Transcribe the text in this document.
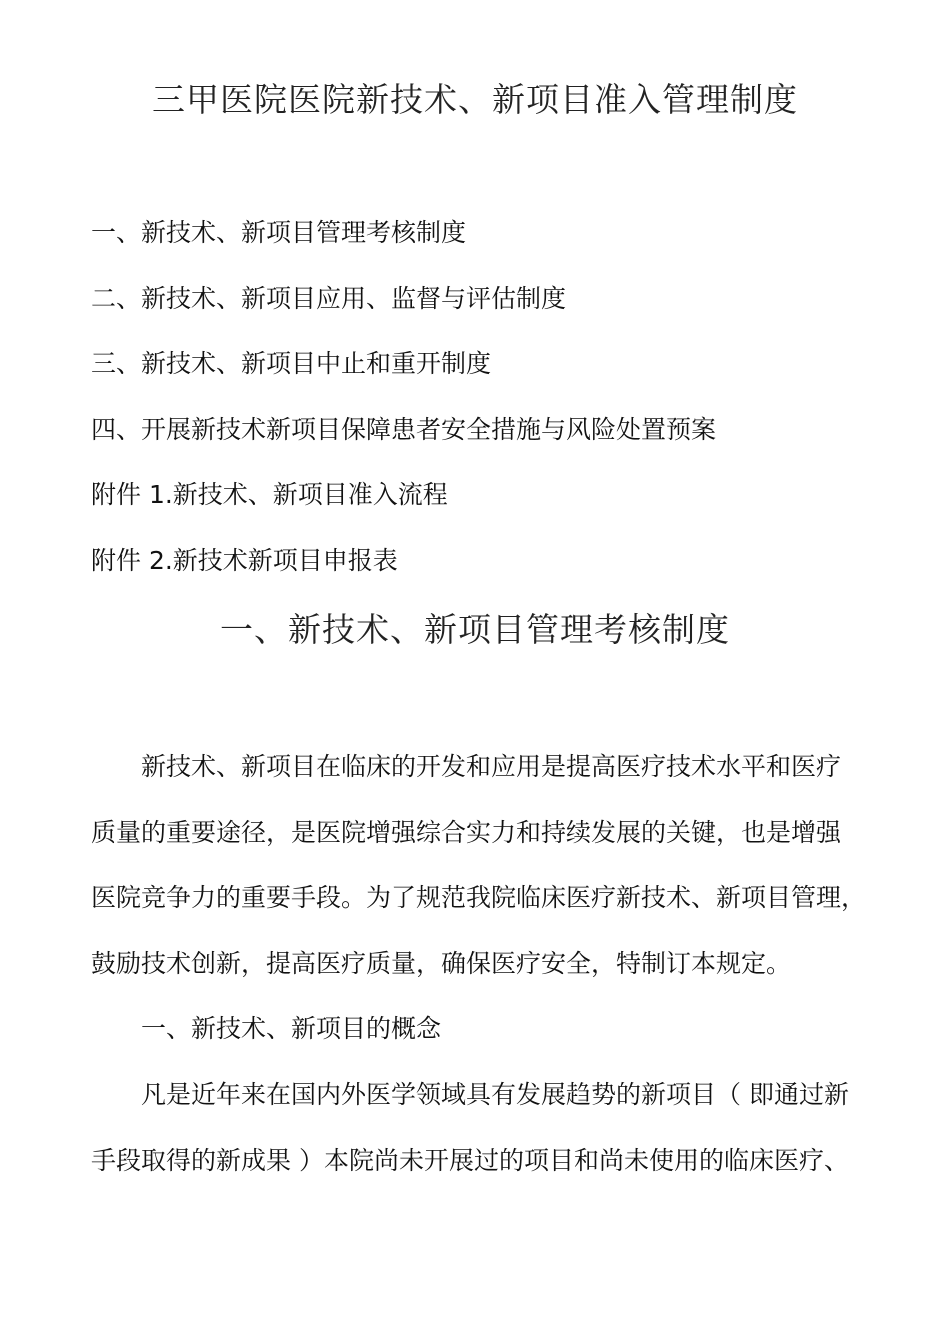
三甲医院医院新技术、新项目准入管理制度
一、新技术、新项目管理考核制度
二、新技术、新项目应用、监督与评估制度
三、新技术、新项目中止和重开制度
四、开展新技术新项目保障患者安全措施与风险处置预案
附件 1.新技术、新项目准入流程
附件 2.新技术新项目申报表
一、新技术、新项目管理考核制度
新技术、新项目在临床的开发和应用是提高医疗技术水平和医疗
质量的重要途径，是医院增强综合实力和持续发展的关键，也是增强
医院竞争力的重要手段。为了规范我院临床医疗新技术、新项目管理，
鼓励技术创新，提高医疗质量，确保医疗安全，特制订本规定。
一、新技术、新项目的概念
凡是近年来在国内外医学领域具有发展趋势的新项目（ 即通过新
手段取得的新成果 ）本院尚未开展过的项目和尚未使用的临床医疗、
